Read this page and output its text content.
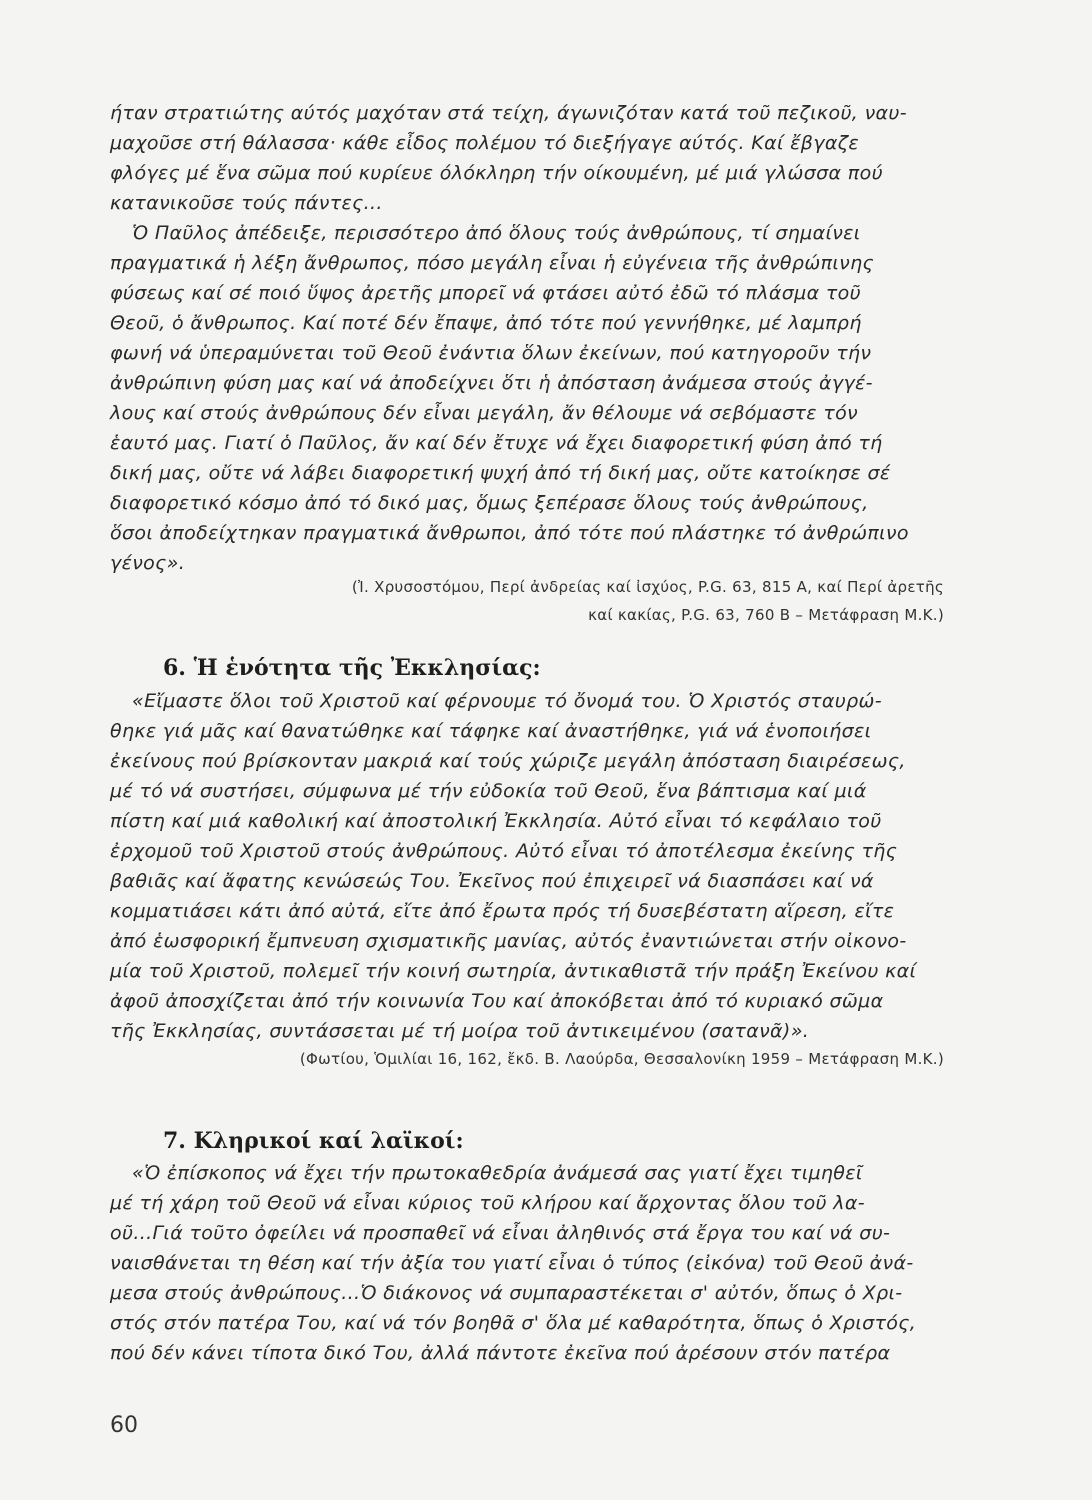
ήταν στρατιώτης αύτός μαχόταν στά τείχη, άγωνιζόταν κατά τοῦ πεζικοῦ, ναυ-
μαχοῦσε στή θάλασσα· κάθε εἶδος πολέμου τό διεξήγαγε αύτός. Καί ἔβγαζε
φλόγες μέ ἕνα σῶμα πού κυρίευε όλόκληρη τήν οίκουμένη, μέ μιά γλώσσα πού
κατανικοῦσε τούς πάντες...
Ὁ Παῦλος ἀπέδειξε, περισσότερο ἀπό ὅλους τούς ἀνθρώπους, τί σημαίνει
πραγματικά ἡ λέξη ἄνθρωπος, πόσο μεγάλη εἶναι ἡ εὐγένεια τῆς ἀνθρώπινης
φύσεως καί σέ ποιό ὕψος ἀρετῆς μπορεῖ νά φτάσει αὐτό ἐδῶ τό πλάσμα τοῦ
Θεοῦ, ὁ ἄνθρωπος. Καί ποτέ δέν ἔπαψε, ἀπό τότε πού γεννήθηκε, μέ λαμπρή
φωνή νά ὑπεραμύνεται τοῦ Θεοῦ ἐνάντια ὅλων ἐκείνων, πού κατηγοροῦν τήν
ἀνθρώπινη φύση μας καί νά ἀποδείχνει ὅτι ἡ ἀπόσταση ἀνάμεσα στούς ἀγγέ-
λους καί στούς ἀνθρώπους δέν εἶναι μεγάλη, ἄν θέλουμε νά σεβόμαστε τόν
ἑαυτό μας. Γιατί ὁ Παῦλος, ἄν καί δέν ἔτυχε νά ἔχει διαφορετική φύση ἀπό τή
δική μας, οὔτε νά λάβει διαφορετική ψυχή ἀπό τή δική μας, οὔτε κατοίκησε σέ
διαφορετικό κόσμο ἀπό τό δικό μας, ὅμως ξεπέρασε ὅλους τούς ἀνθρώπους,
ὅσοι ἀποδείχτηκαν πραγματικά ἄνθρωποι, ἀπό τότε πού πλάστηκε τό ἀνθρώπινο
γένος».
(Ἰ. Χρυσοστόμου, Περί ἀνδρείας καί ἰσχύος, P.G. 63, 815 Α, καί Περί ἀρετῆς
καί κακίας, P.G. 63, 760 Β – Μετάφραση Μ.Κ.)
6. Ἡ ἑνότητα τῆς Ἐκκλησίας:
«Εἴμαστε ὅλοι τοῦ Χριστοῦ καί φέρνουμε τό ὄνομά του. Ὁ Χριστός σταυρώ-
θηκε γιά μᾶς καί θανατώθηκε καί τάφηκε καί ἀναστήθηκε, γιά νά ἑνοποιήσει
ἐκείνους πού βρίσκονταν μακριά καί τούς χώριζε μεγάλη ἀπόσταση διαιρέσεως,
μέ τό νά συστήσει, σύμφωνα μέ τήν εὐδοκία τοῦ Θεοῦ, ἕνα βάπτισμα καί μιά
πίστη καί μιά καθολική καί ἀποστολική Ἐκκλησία. Αὐτό εἶναι τό κεφάλαιο τοῦ
ἐρχομοῦ τοῦ Χριστοῦ στούς ἀνθρώπους. Αὐτό εἶναι τό ἀποτέλεσμα ἐκείνης τῆς
βαθιᾶς καί ἄφατης κενώσεώς Του. Ἐκεῖνος πού ἐπιχειρεῖ νά διασπάσει καί νά
κομματιάσει κάτι ἀπό αὐτά, εἴτε ἀπό ἔρωτα πρός τή δυσεβέστατη αἵρεση, εἴτε
ἀπό ἑωσφορική ἔμπνευση σχισματικῆς μανίας, αὐτός ἐναντιώνεται στήν οἰκονο-
μία τοῦ Χριστοῦ, πολεμεῖ τήν κοινή σωτηρία, ἀντικαθιστᾶ τήν πράξη Ἐκείνου καί
ἀφοῦ ἀποσχίζεται ἀπό τήν κοινωνία Του καί ἀποκόβεται ἀπό τό κυριακό σῶμα
τῆς Ἐκκλησίας, συντάσσεται μέ τή μοίρα τοῦ ἀντικειμένου (σατανᾶ)».
(Φωτίου, Ὁμιλίαι 16, 162, ἔκδ. Β. Λαούρδα, Θεσσαλονίκη 1959 – Μετάφραση Μ.Κ.)
7. Κληρικοί καί λαϊκοί:
«Ὁ ἐπίσκοπος νά ἔχει τήν πρωτοκαθεδρία ἀνάμεσά σας γιατί ἔχει τιμηθεῖ
μέ τή χάρη τοῦ Θεοῦ νά εἶναι κύριος τοῦ κλήρου καί ἄρχοντας ὅλου τοῦ λα-
οῦ...Γιά τοῦτο ὀφείλει νά προσπαθεῖ νά εἶναι ἀληθινός στά ἔργα του καί νά συ-
ναισθάνεται τη θέση καί τήν ἀξία του γιατί εἶναι ὁ τύπος (εἰκόνα) τοῦ Θεοῦ ἀνά-
μεσα στούς ἀνθρώπους...Ὁ διάκονος νά συμπαραστέκεται σ' αὐτόν, ὅπως ὁ Χρι-
στός στόν πατέρα Του, καί νά τόν βοηθᾶ σ' ὅλα μέ καθαρότητα, ὅπως ὁ Χριστός,
πού δέν κάνει τίποτα δικό Του, ἀλλά πάντοτε ἐκεῖνα πού ἀρέσουν στόν πατέρα
60
